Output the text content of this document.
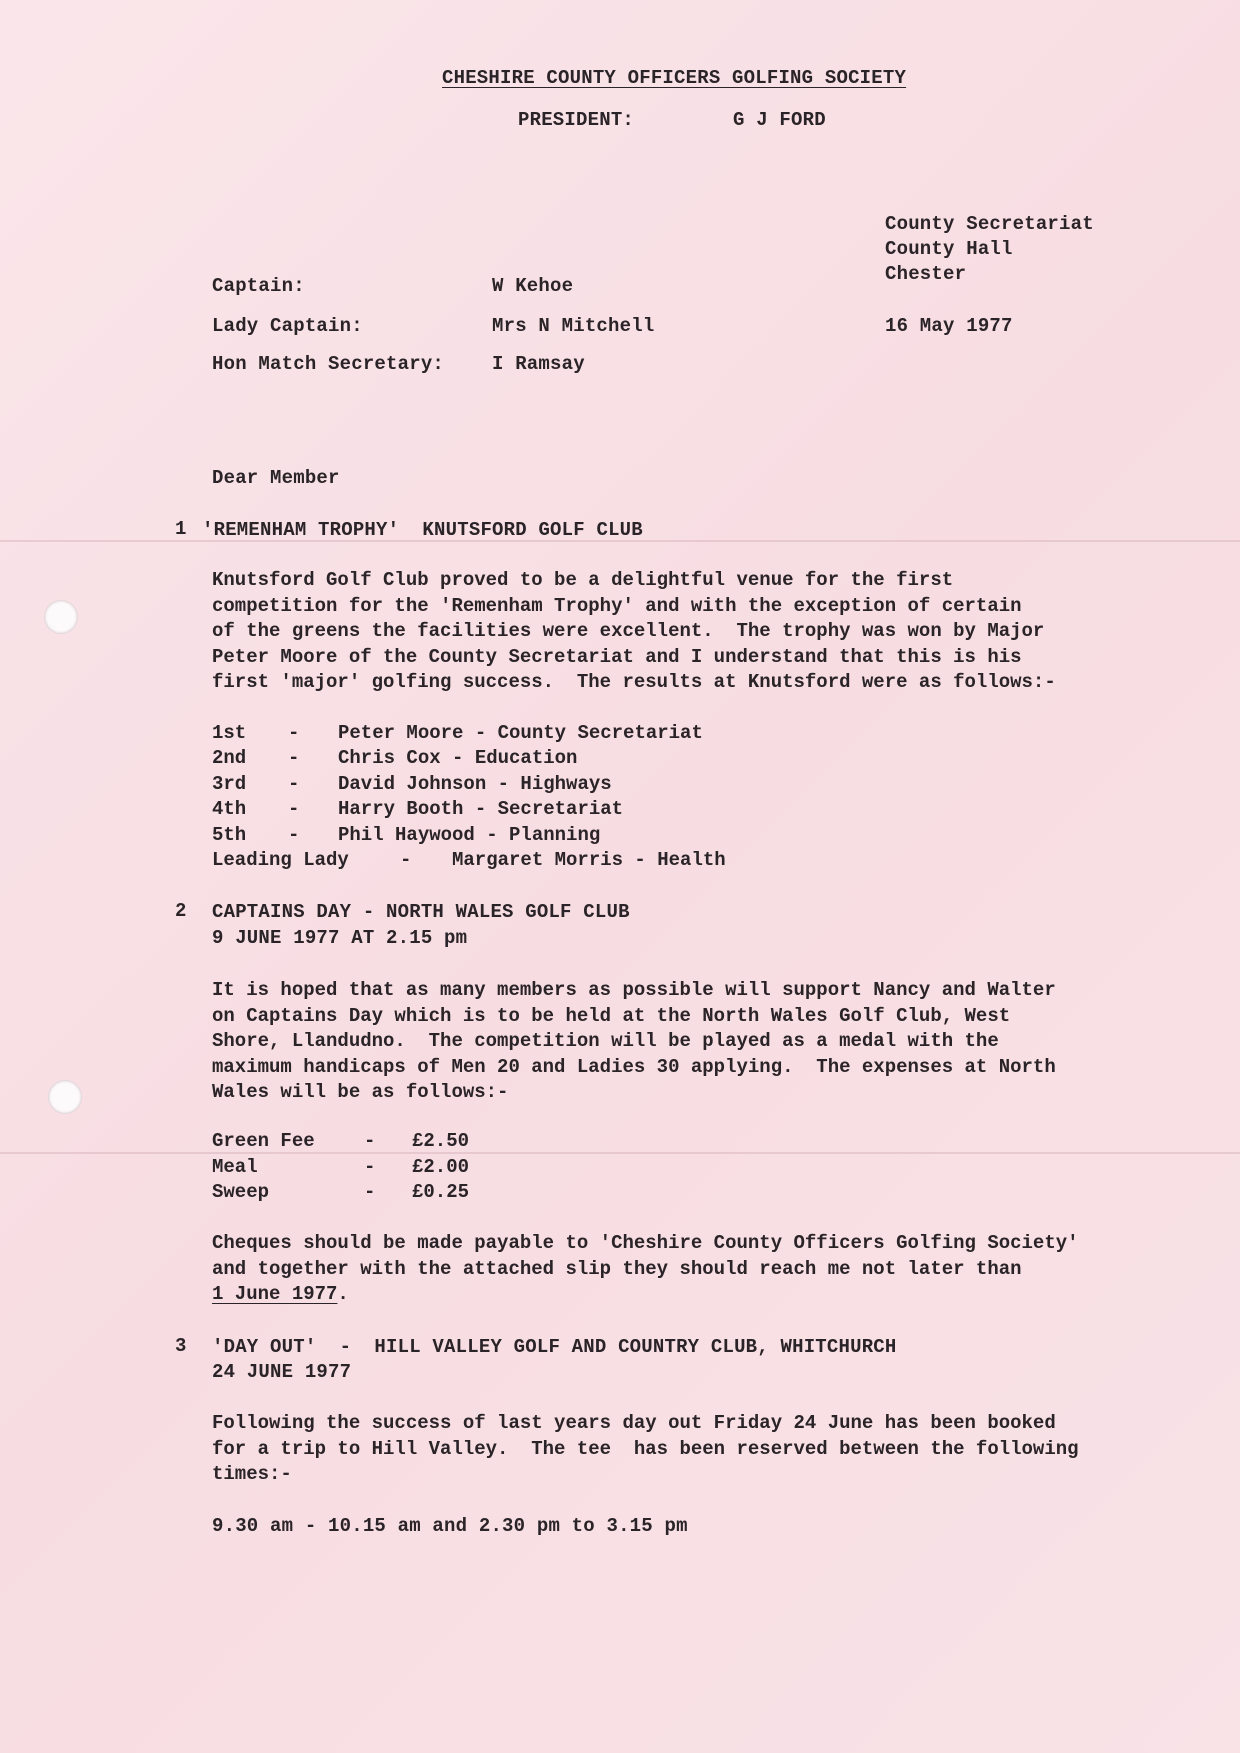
CHESHIRE COUNTY OFFICERS GOLFING SOCIETY
PRESIDENT:	G J FORD
County Secretariat
County Hall
Chester
16 May 1977
Captain:	W Kehoe
Lady Captain:	Mrs N Mitchell
Hon Match Secretary:	I Ramsay
Dear Member
1 'REMENHAM TROPHY'  KNUTSFORD GOLF CLUB
Knutsford Golf Club proved to be a delightful venue for the first
competition for the 'Remenham Trophy' and with the exception of certain
of the greens the facilities were excellent.  The trophy was won by Major
Peter Moore of the County Secretariat and I understand that this is his
first 'major' golfing success.  The results at Knutsford were as follows:-
1st - Peter Moore - County Secretariat
2nd - Chris Cox - Education
3rd - David Johnson - Highways
4th - Harry Booth - Secretariat
5th - Phil Haywood - Planning
Leading Lady	- Margaret Morris - Health
2 CAPTAINS DAY - NORTH WALES GOLF CLUB
9 JUNE 1977 AT 2.15 pm
It is hoped that as many members as possible will support Nancy and Walter
on Captains Day which is to be held at the North Wales Golf Club, West
Shore, Llandudno.  The competition will be played as a medal with the
maximum handicaps of Men 20 and Ladies 30 applying.  The expenses at North
Wales will be as follows:-
Green Fee	- £2.50
Meal	- £2.00
Sweep	- £0.25
Cheques should be made payable to 'Cheshire County Officers Golfing Society'
and together with the attached slip they should reach me not later than
1 June 1977.
3 'DAY OUT'  -  HILL VALLEY GOLF AND COUNTRY CLUB, WHITCHURCH
24 JUNE 1977
Following the success of last years day out Friday 24 June has been booked
for a trip to Hill Valley.  The tee  has been reserved between the following
times:-
9.30 am - 10.15 am and 2.30 pm to 3.15 pm
